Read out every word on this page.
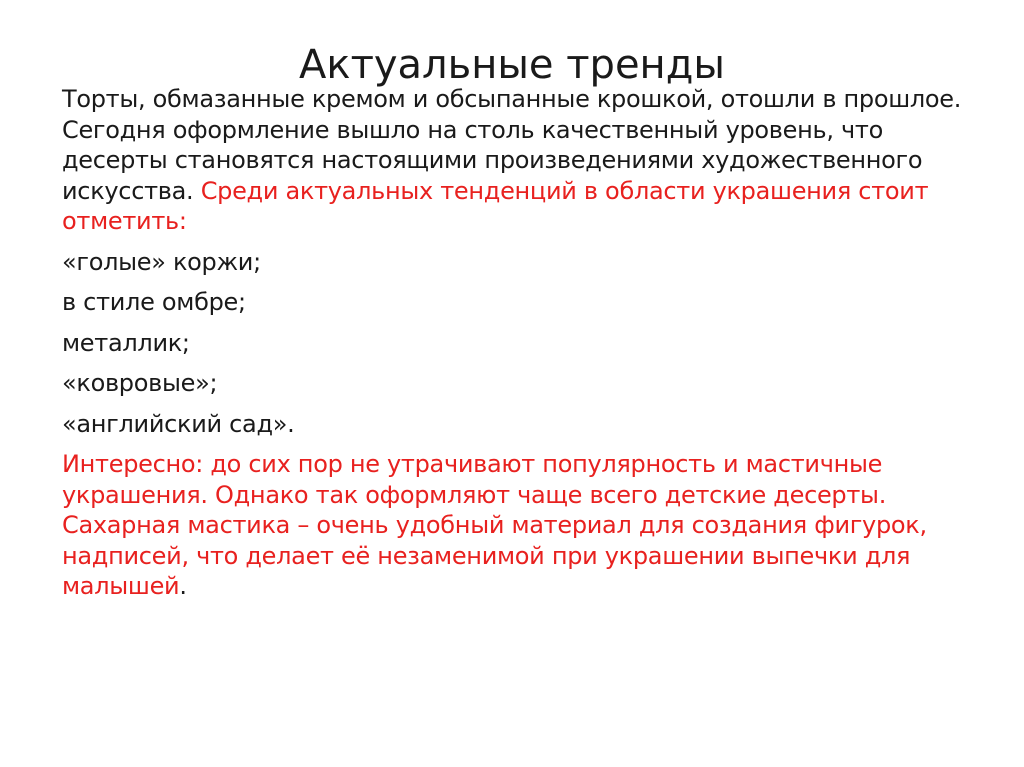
Актуальные тренды

Торты, обмазанные кремом и обсыпанные крошкой, отошли в прошлое. Сегодня оформление вышло на столь качественный уровень, что десерты становятся настоящими произведениями художественного искусства. Среди актуальных тенденций в области украшения стоит отметить:

«голые» коржи;

в стиле омбре;

металлик;

«ковровые»;

«английский сад».

Интересно: до сих пор не утрачивают популярность и мастичные украшения. Однако так оформляют чаще всего детские десерты. Сахарная мастика – очень удобный материал для создания фигурок, надписей, что делает её незаменимой при украшении выпечки для малышей.
